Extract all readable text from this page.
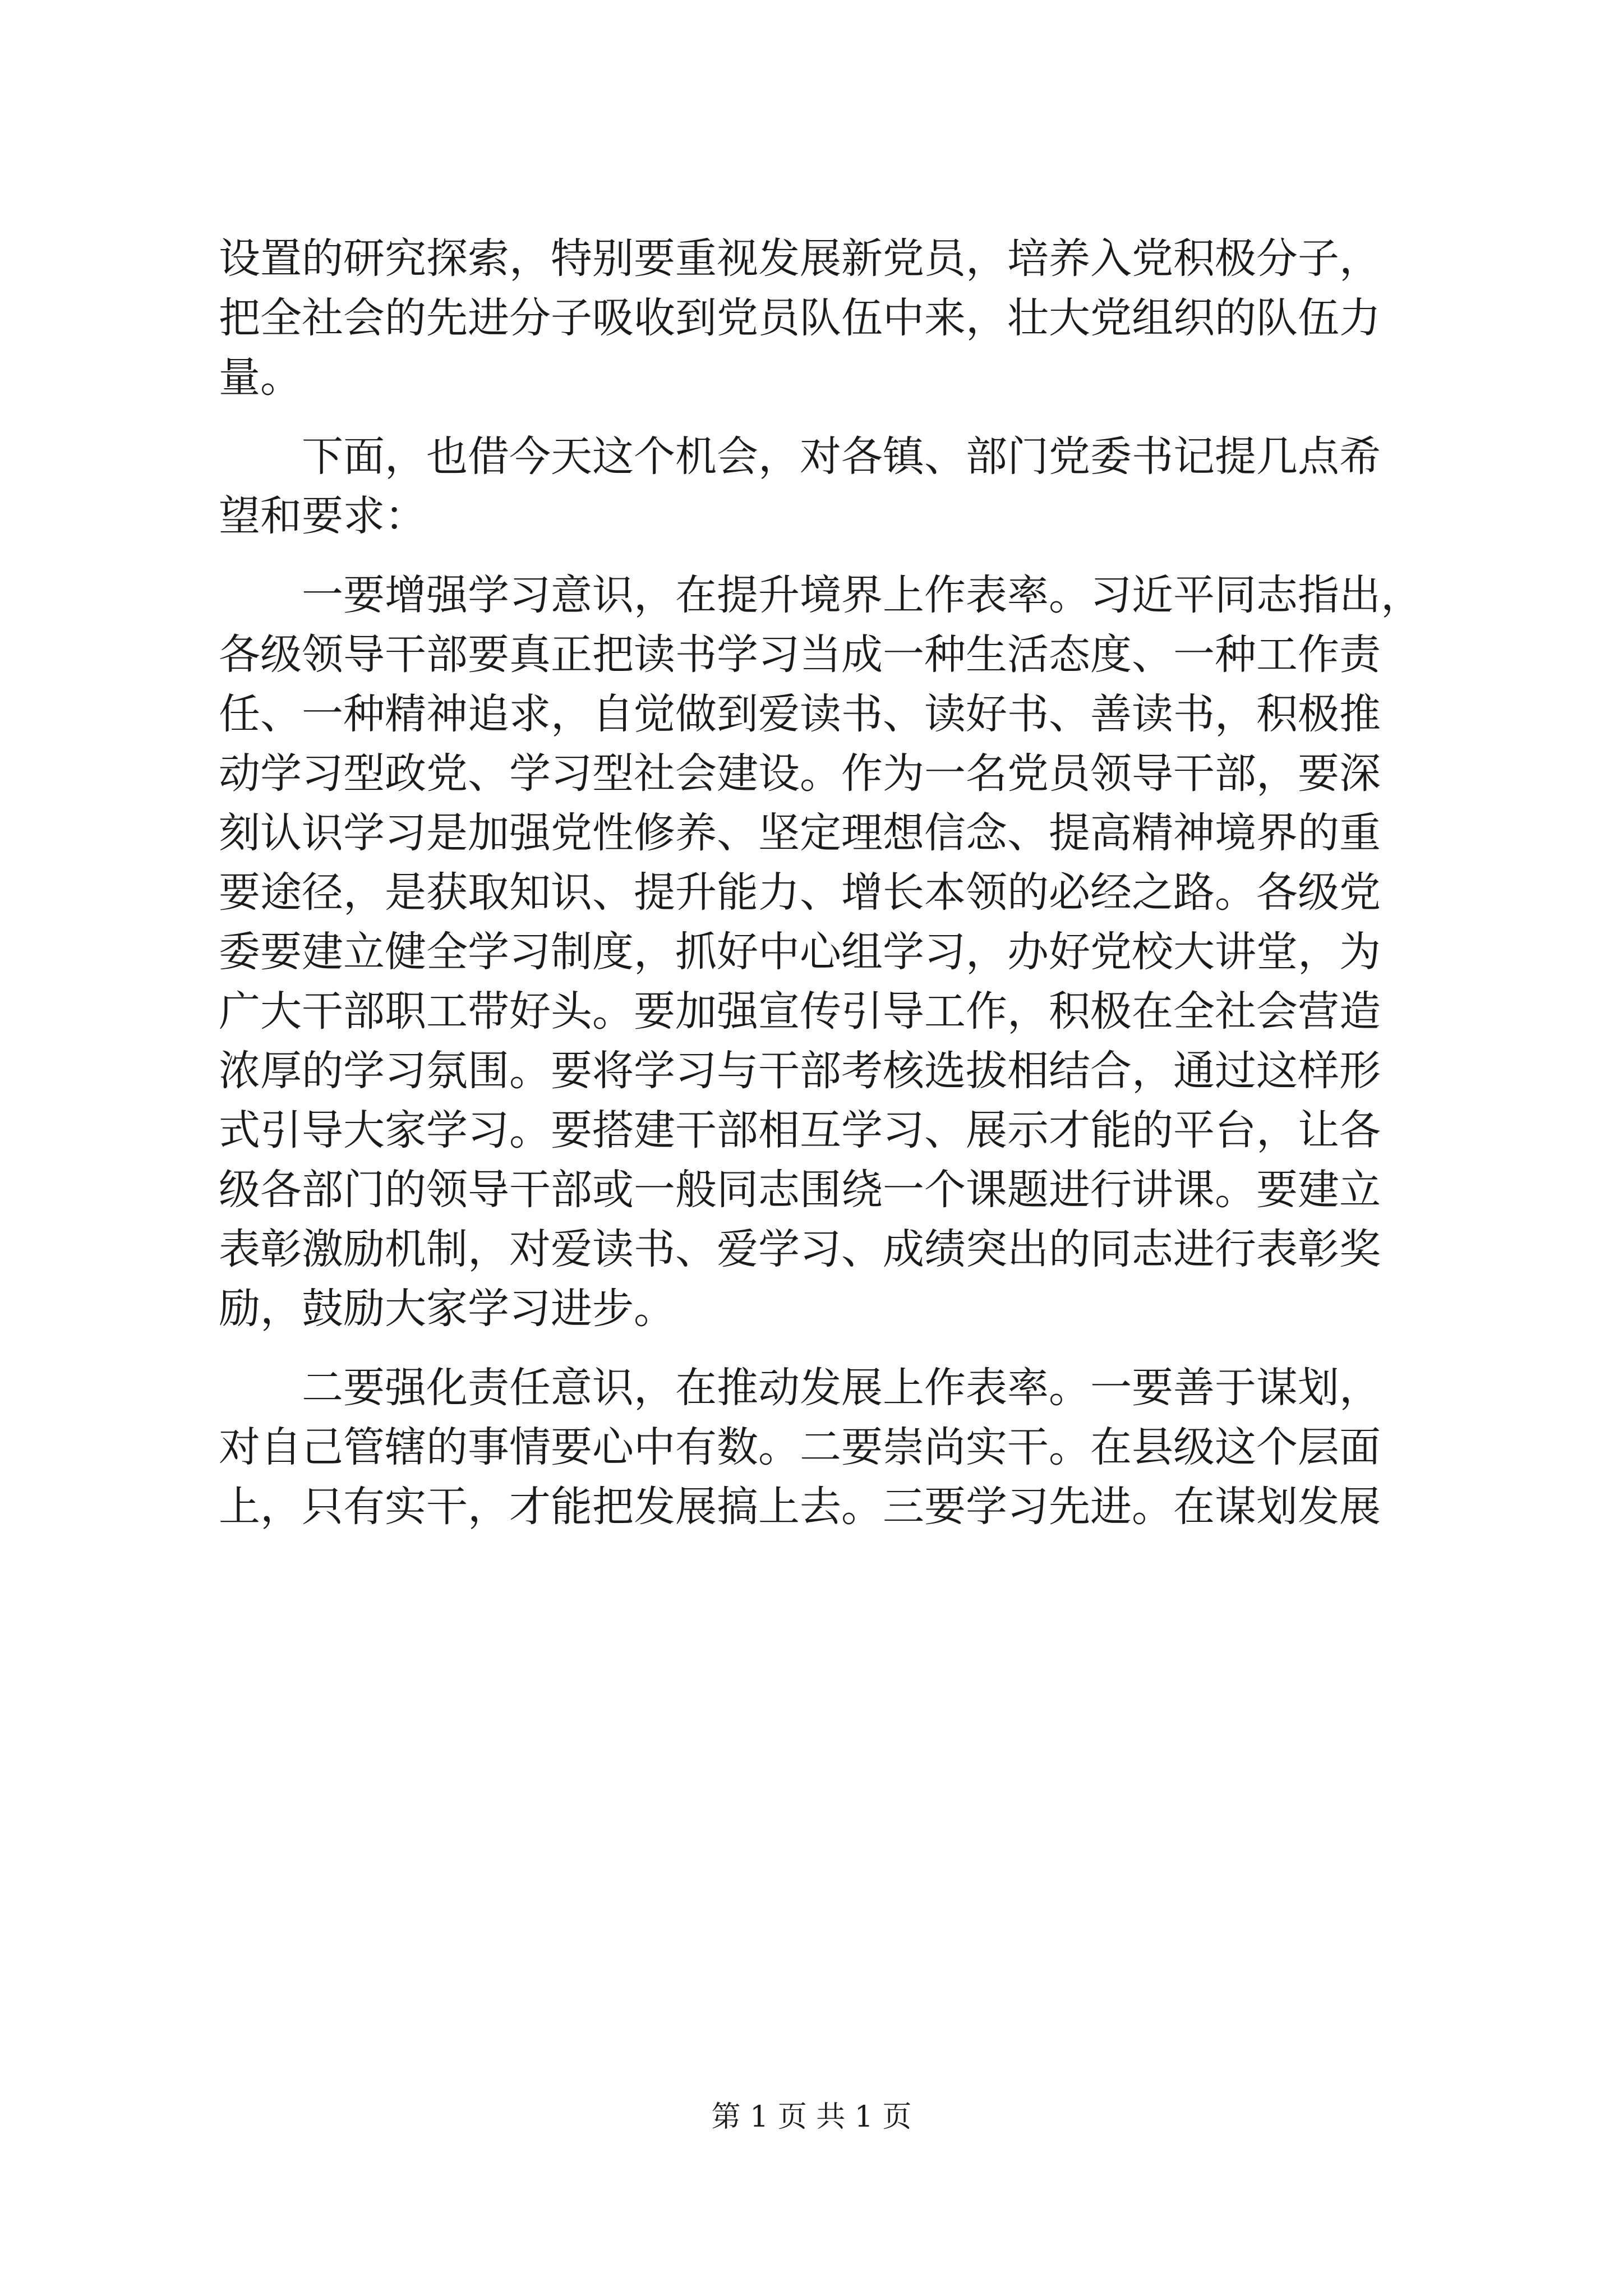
设置的研究探索，特别要重视发展新党员，培养入党积极分子，
把全社会的先进分子吸收到党员队伍中来，壮大党组织的队伍力
量。
下面，也借今天这个机会，对各镇、部门党委书记提几点希
望和要求：
一要增强学习意识，在提升境界上作表率。习近平同志指出，
各级领导干部要真正把读书学习当成一种生活态度、一种工作责
任、一种精神追求，自觉做到爱读书、读好书、善读书，积极推
动学习型政党、学习型社会建设。作为一名党员领导干部，要深
刻认识学习是加强党性修养、坚定理想信念、提高精神境界的重
要途径，是获取知识、提升能力、增长本领的必经之路。各级党
委要建立健全学习制度，抓好中心组学习，办好党校大讲堂，为
广大干部职工带好头。要加强宣传引导工作，积极在全社会营造
浓厚的学习氛围。要将学习与干部考核选拔相结合，通过这样形
式引导大家学习。要搭建干部相互学习、展示才能的平台，让各
级各部门的领导干部或一般同志围绕一个课题进行讲课。要建立
表彰激励机制，对爱读书、爱学习、成绩突出的同志进行表彰奖
励，鼓励大家学习进步。
二要强化责任意识，在推动发展上作表率。一要善于谋划，
对自己管辖的事情要心中有数。二要崇尚实干。在县级这个层面
上，只有实干，才能把发展搞上去。三要学习先进。在谋划发展
第 1 页 共 1 页
